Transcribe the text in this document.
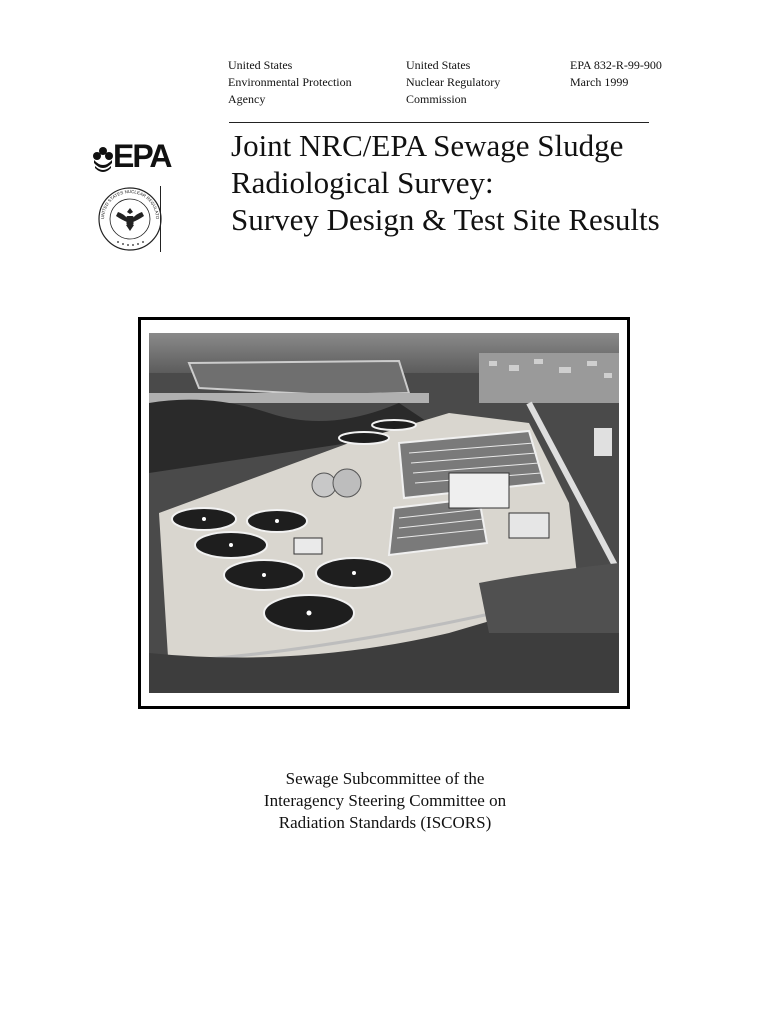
United States
Environmental Protection
Agency
United States
Nuclear Regulatory
Commission
EPA 832-R-99-900
March 1999
Joint NRC/EPA Sewage Sludge
Radiological Survey:
Survey Design & Test Site Results
EPA
UNITED STATES NUCLEAR REGULATO
Sewage Subcommittee of the
Interagency Steering Committee on
Radiation Standards (ISCORS)
